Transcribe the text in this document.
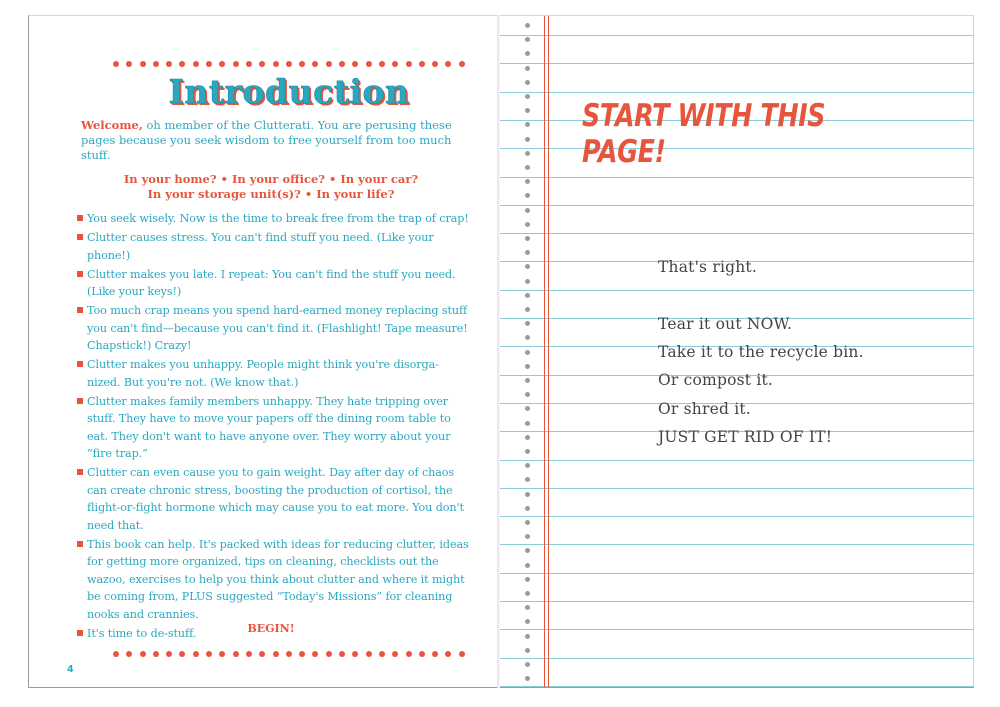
Introduction

Welcome, oh member of the Clutterati. You are perusing these pages because you seek wisdom to free yourself from too much stuff.

In your home? • In your office? • In your car?
In your storage unit(s)? • In your life?
You seek wisely. Now is the time to break free from the trap of crap!
Clutter causes stress. You can't find stuff you need. (Like your phone!)
Clutter makes you late. I repeat: You can't find the stuff you need. (Like your keys!)
Too much crap means you spend hard-earned money replacing stuff you can't find—because you can't find it. (Flashlight! Tape measure! Chapstick!) Crazy!
Clutter makes you unhappy. People might think you're disorga-nized. But you're not. (We know that.)
Clutter makes family members unhappy. They hate tripping over stuff. They have to move your papers off the dining room table to eat. They don't want to have anyone over. They worry about your “fire trap.”
Clutter can even cause you to gain weight. Day after day of chaos can create chronic stress, boosting the production of cortisol, the flight-or-fight hormone which may cause you to eat more. You don't need that.
This book can help. It's packed with ideas for reducing clutter, ideas for getting more organized, tips on cleaning, checklists out the wazoo, exercises to help you think about clutter and where it might be coming from, PLUS suggested “Today's Missions” for cleaning nooks and crannies.
It's time to de-stuff.	BEGIN!
4
START WITH THIS PAGE!
That's right.
Tear it out NOW.
Take it to the recycle bin.
Or compost it.
Or shred it.
JUST GET RID OF IT!
